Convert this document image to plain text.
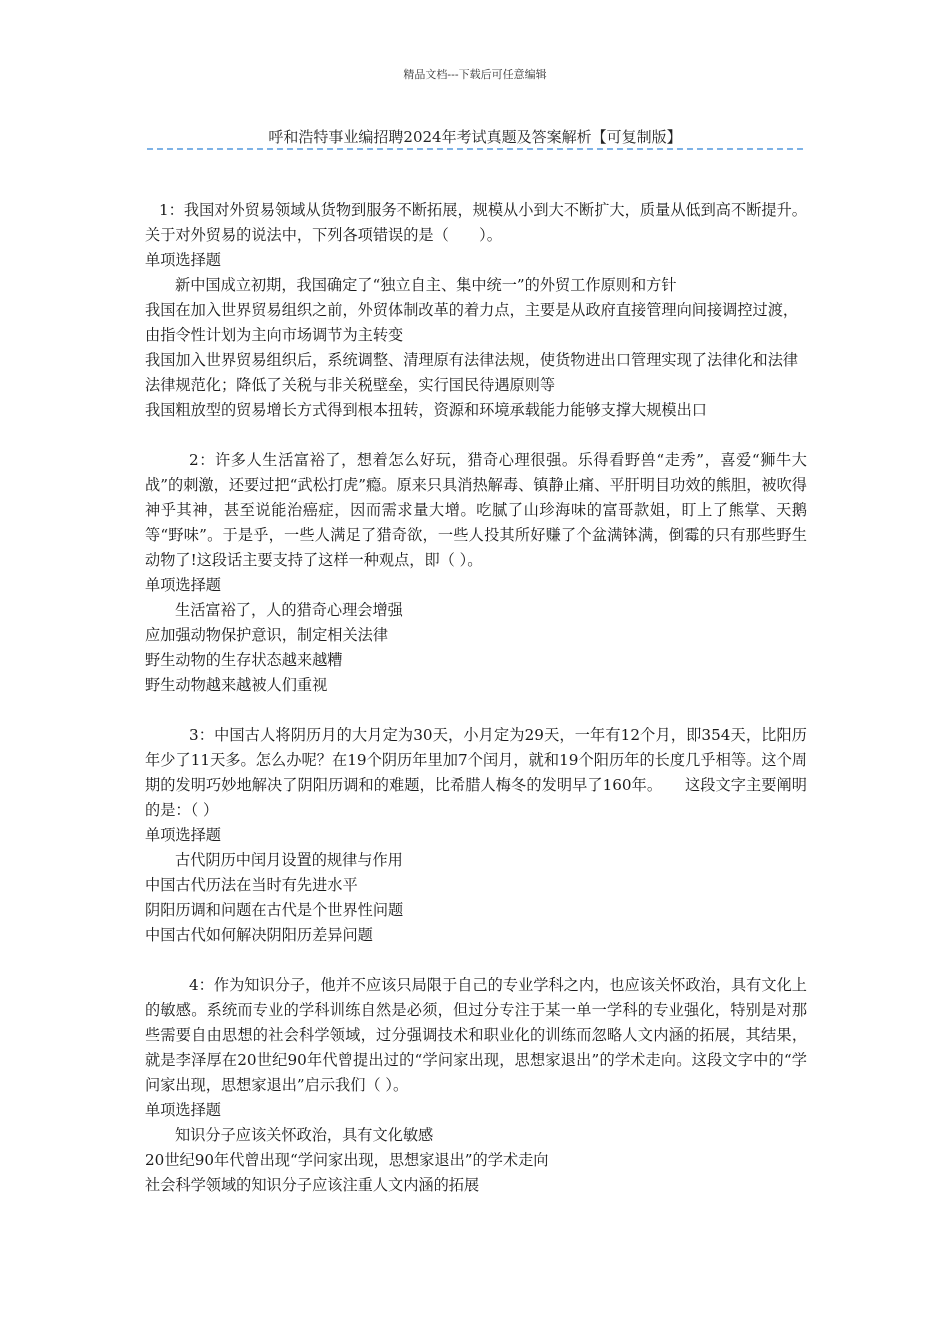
精品文档---下载后可任意编辑
呼和浩特事业编招聘2024年考试真题及答案解析【可复制版】

1：我国对外贸易领域从货物到服务不断拓展，规模从小到大不断扩大，质量从低到高不断提升。关于对外贸易的说法中，下列各项错误的是（　　）。

单项选择题

新中国成立初期，我国确定了“独立自主、集中统一”的外贸工作原则和方针

我国在加入世界贸易组织之前，外贸体制改革的着力点，主要是从政府直接管理向间接调控过渡，由指令性计划为主向市场调节为主转变

我国加入世界贸易组织后，系统调整、清理原有法律法规，使货物进出口管理实现了法律化和法律法律规范化；降低了关税与非关税壁垒，实行国民待遇原则等

我国粗放型的贸易增长方式得到根本扭转，资源和环境承载能力能够支撑大规模出口

2：许多人生活富裕了，想着怎么好玩，猎奇心理很强。乐得看野兽“走秀”，喜爱“狮牛大战”的刺激，还要过把“武松打虎”瘾。原来只具消热解毒、镇静止痛、平肝明目功效的熊胆，被吹得神乎其神，甚至说能治癌症，因而需求量大增。吃腻了山珍海味的富哥款姐，盯上了熊掌、天鹅等“野味”。于是乎，一些人满足了猎奇欲，一些人投其所好赚了个盆满钵满，倒霉的只有那些野生动物了!这段话主要支持了这样一种观点，即（ ）。

单项选择题

生活富裕了，人的猎奇心理会增强

应加强动物保护意识，制定相关法律

野生动物的生存状态越来越糟

野生动物越来越被人们重视

3：中国古人将阴历月的大月定为30天，小月定为29天，一年有12个月，即354天，比阳历年少了11天多。怎么办呢？在19个阴历年里加7个闰月，就和19个阳历年的长度几乎相等。这个周期的发明巧妙地解决了阴阳历调和的难题，比希腊人梅冬的发明早了160年。　　这段文字主要阐明的是：（ ）

单项选择题

古代阴历中闰月设置的规律与作用

中国古代历法在当时有先进水平

阴阳历调和问题在古代是个世界性问题

中国古代如何解决阴阳历差异问题

4：作为知识分子，他并不应该只局限于自己的专业学科之内，也应该关怀政治，具有文化上的敏感。系统而专业的学科训练自然是必须，但过分专注于某一单一学科的专业强化，特别是对那些需要自由思想的社会科学领域，过分强调技术和职业化的训练而忽略人文内涵的拓展，其结果，就是李泽厚在20世纪90年代曾提出过的“学问家出现，思想家退出”的学术走向。这段文字中的“学问家出现，思想家退出”启示我们（ ）。

单项选择题

知识分子应该关怀政治，具有文化敏感

20世纪90年代曾出现“学问家出现，思想家退出”的学术走向

社会科学领域的知识分子应该注重人文内涵的拓展
